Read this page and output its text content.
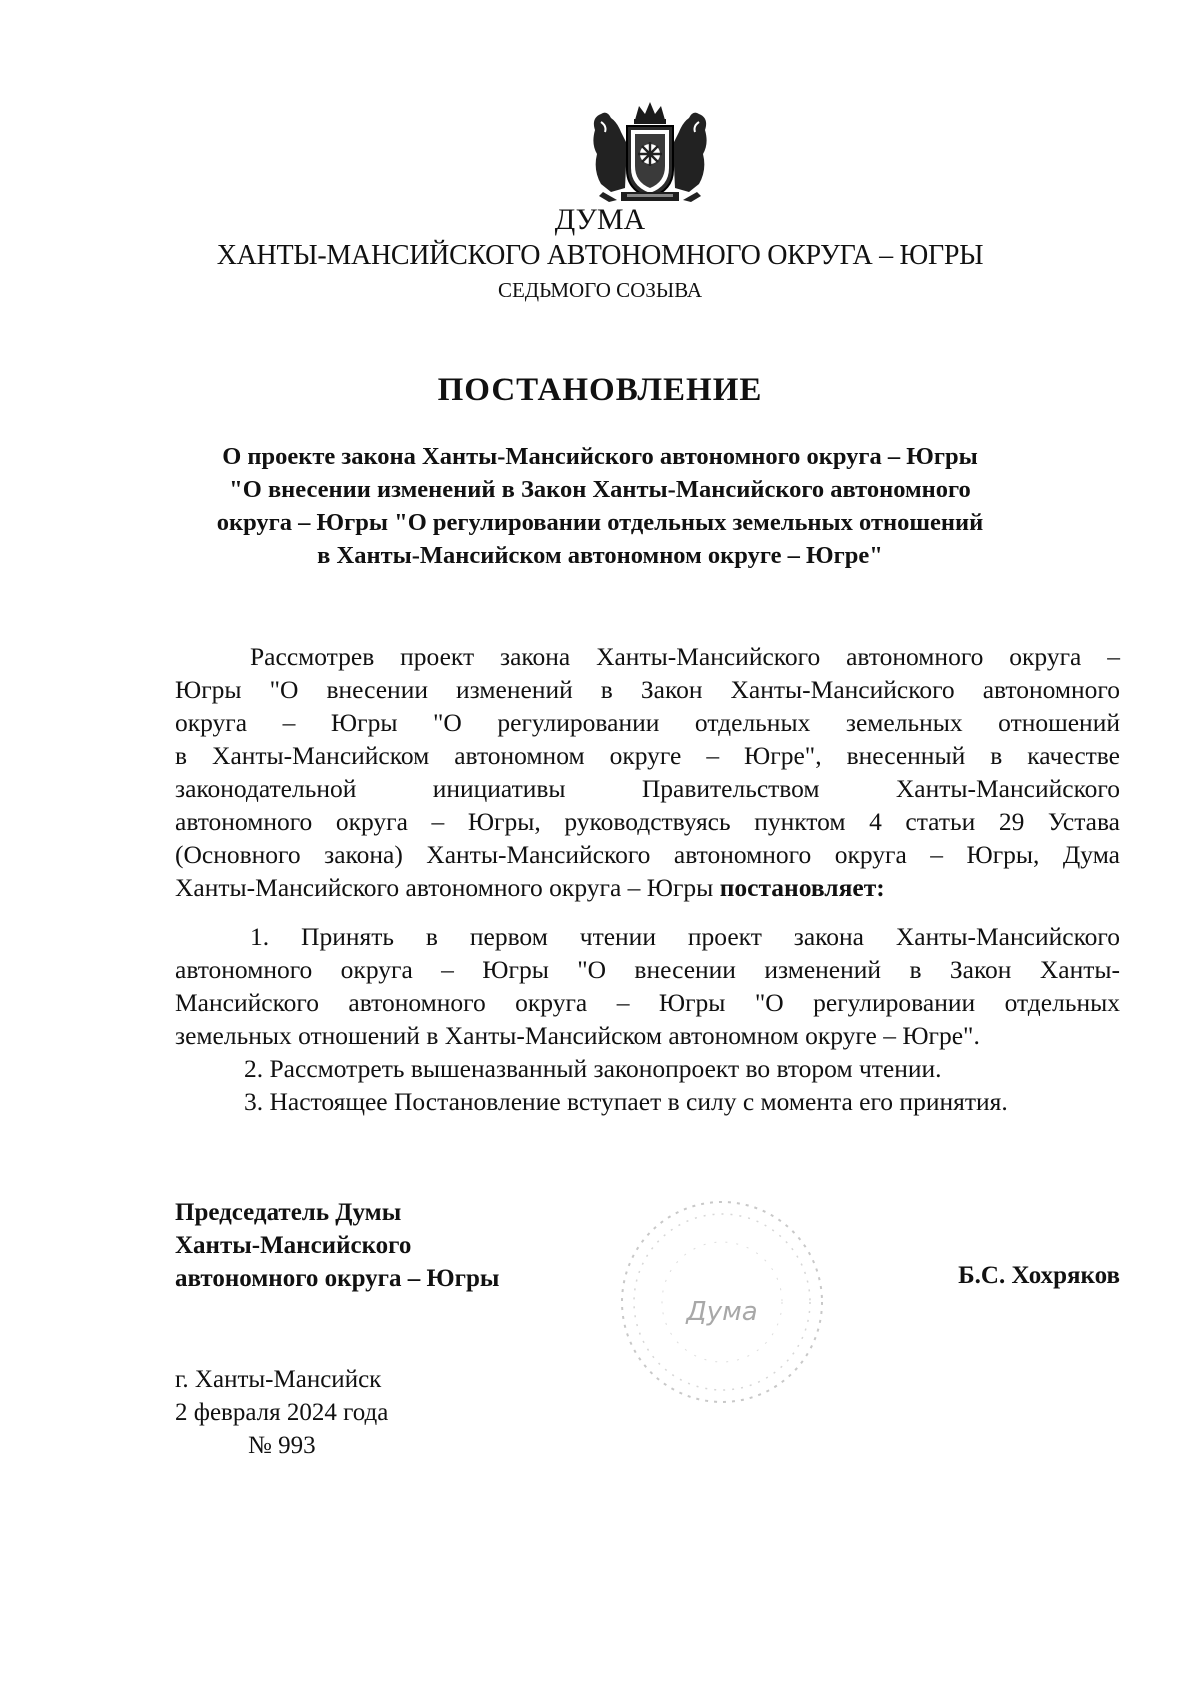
ДУМА
ХАНТЫ-МАНСИЙСКОГО АВТОНОМНОГО ОКРУГА – ЮГРЫ
СЕДЬМОГО СОЗЫВА
ПОСТАНОВЛЕНИЕ
О проекте закона Ханты-Мансийского автономного округа – Югры
"О внесении изменений в Закон Ханты-Мансийского автономного
округа – Югры "О регулировании отдельных земельных отношений
в Ханты-Мансийском автономном округе – Югре"
Рассмотрев проект закона Ханты-Мансийского автономного округа –
Югры "О внесении изменений в Закон Ханты-Мансийского автономного
округа – Югры "О регулировании отдельных земельных отношений
в Ханты-Мансийском автономном округе – Югре", внесенный в качестве
законодательной инициативы Правительством Ханты-Мансийского
автономного округа – Югры, руководствуясь пунктом 4 статьи 29 Устава
(Основного закона) Ханты-Мансийского автономного округа – Югры, Дума
Ханты-Мансийского автономного округа – Югры постановляет:
1. Принять в первом чтении проект закона Ханты-Мансийского
автономного округа – Югры "О внесении изменений в Закон Ханты-
Мансийского автономного округа – Югры "О регулировании отдельных
земельных отношений в Ханты-Мансийском автономном округе – Югре".
2. Рассмотреть вышеназванный законопроект во втором чтении.
3. Настоящее Постановление вступает в силу с момента его принятия.
Председатель Думы
Ханты-Мансийского
автономного округа – Югры
Дума
Б.С. Хохряков
г. Ханты-Мансийск
2 февраля 2024 года
№ 993
